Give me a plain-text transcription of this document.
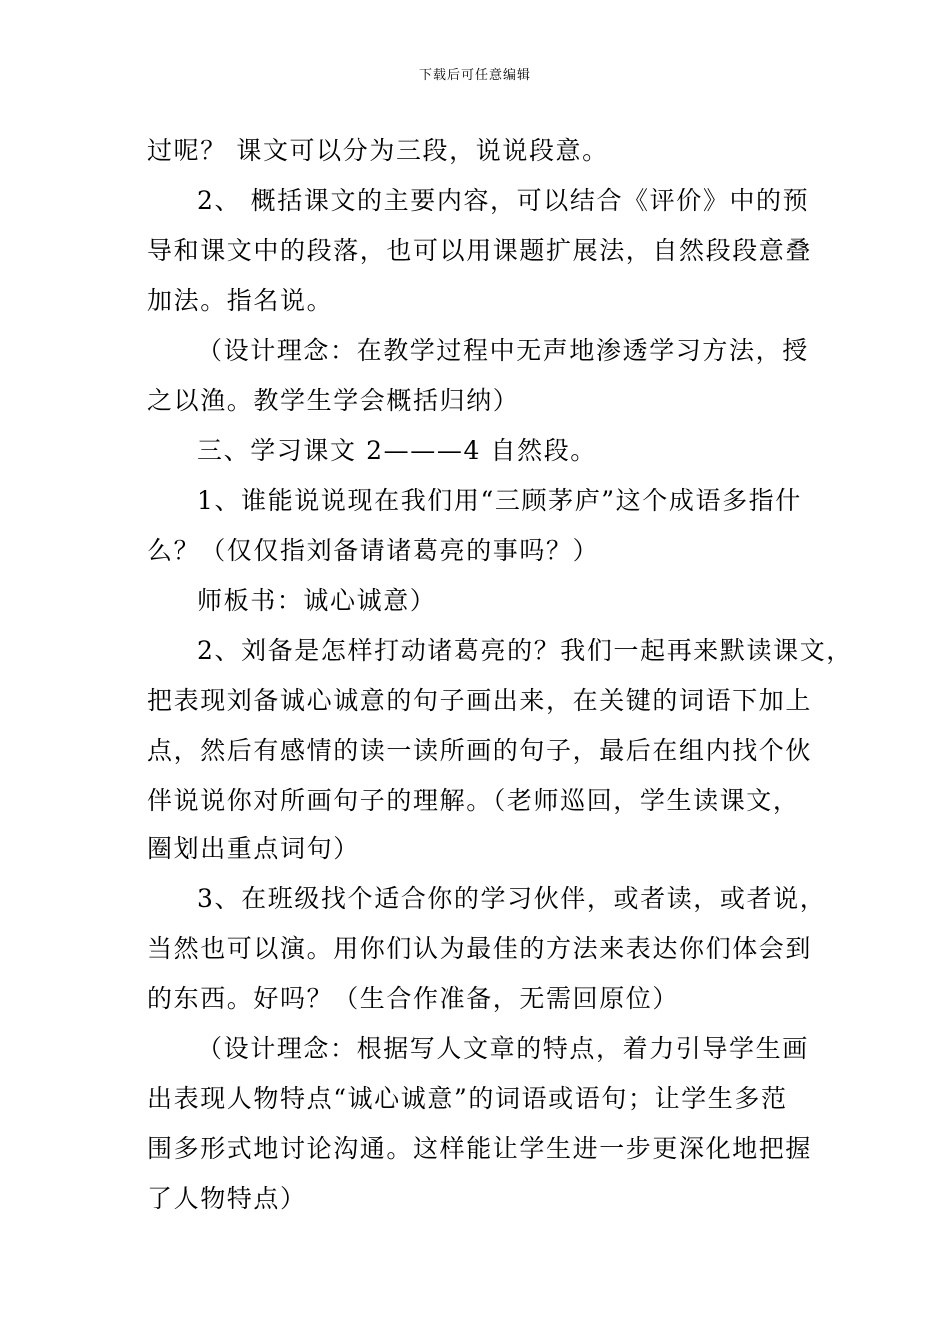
下载后可任意编辑
过呢？ 课文可以分为三段，说说段意。
2、 概括课文的主要内容，可以结合《评价》中的预
导和课文中的段落，也可以用课题扩展法，自然段段意叠
加法。指名说。
（设计理念：在教学过程中无声地渗透学习方法，授
之以渔。教学生学会概括归纳）
三、学习课文 2———4 自然段。
1、谁能说说现在我们用“三顾茅庐”这个成语多指什
么？（仅仅指刘备请诸葛亮的事吗？）
师板书：诚心诚意）
2、刘备是怎样打动诸葛亮的？我们一起再来默读课文，
把表现刘备诚心诚意的句子画出来，在关键的词语下加上
点，然后有感情的读一读所画的句子，最后在组内找个伙
伴说说你对所画句子的理解。（老师巡回，学生读课文，
圈划出重点词句）
3、在班级找个适合你的学习伙伴，或者读，或者说，
当然也可以演。用你们认为最佳的方法来表达你们体会到
的东西。好吗？（生合作准备，无需回原位）
（设计理念：根据写人文章的特点，着力引导学生画
出表现人物特点“诚心诚意”的词语或语句；让学生多范
围多形式地讨论沟通。这样能让学生进一步更深化地把握
了人物特点）
